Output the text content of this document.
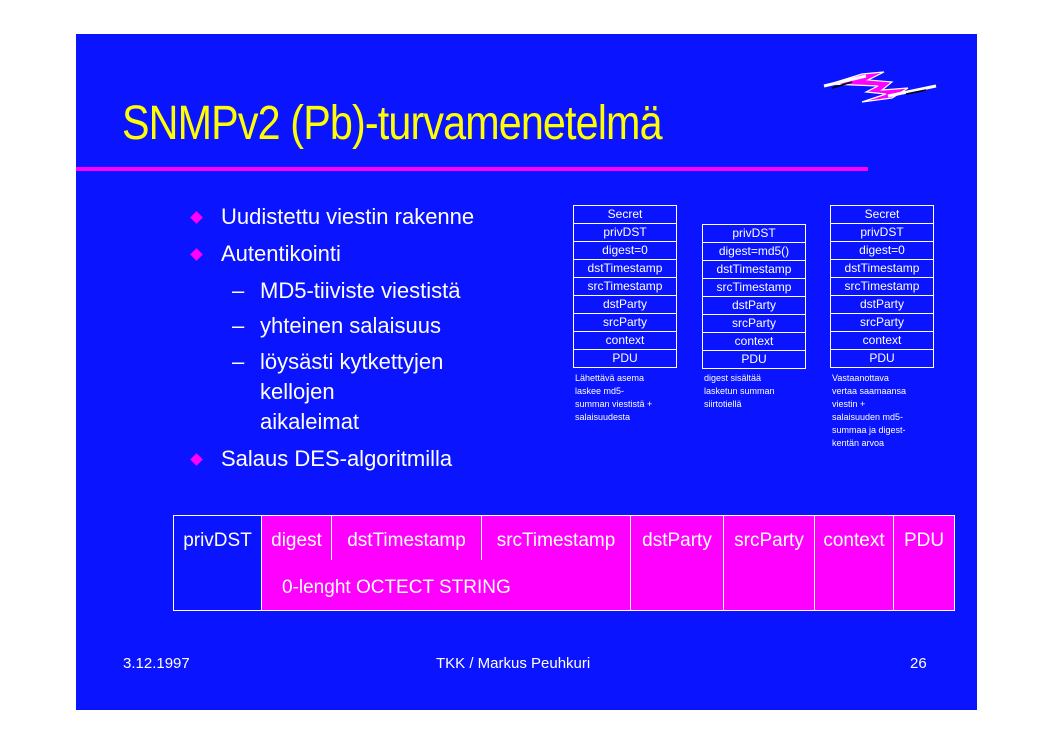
SNMPv2 (Pb)-turvamenetelmä
Uudistettu viestin rakenne
Autentikointi
– MD5-tiiviste viestistä
– yhteinen salaisuus
– löysästi kytkettyjen
kellojen
aikaleimat
Salaus DES-algoritmilla
Secret
privDST
digest=0
dstTimestamp
srcTimestamp
dstParty
srcParty
context
PDU
Lähettävä asema
laskee md5-
summan viestistä +
salaisuudesta
privDST
digest=md5()
dstTimestamp
srcTimestamp
dstParty
srcParty
context
PDU
digest sisältää
lasketun summan
siirtotiellä
Secret
privDST
digest=0
dstTimestamp
srcTimestamp
dstParty
srcParty
context
PDU
Vastaanottava
vertaa saamaansa
viestin +
salaisuuden md5-
summaa ja digest-
kentän arvoa
privDST	digest	dstTimestamp	srcTimestamp	dstParty	srcParty	context	PDU
0-lenght OCTECT STRING
3.12.1997	TKK / Markus Peuhkuri	26
